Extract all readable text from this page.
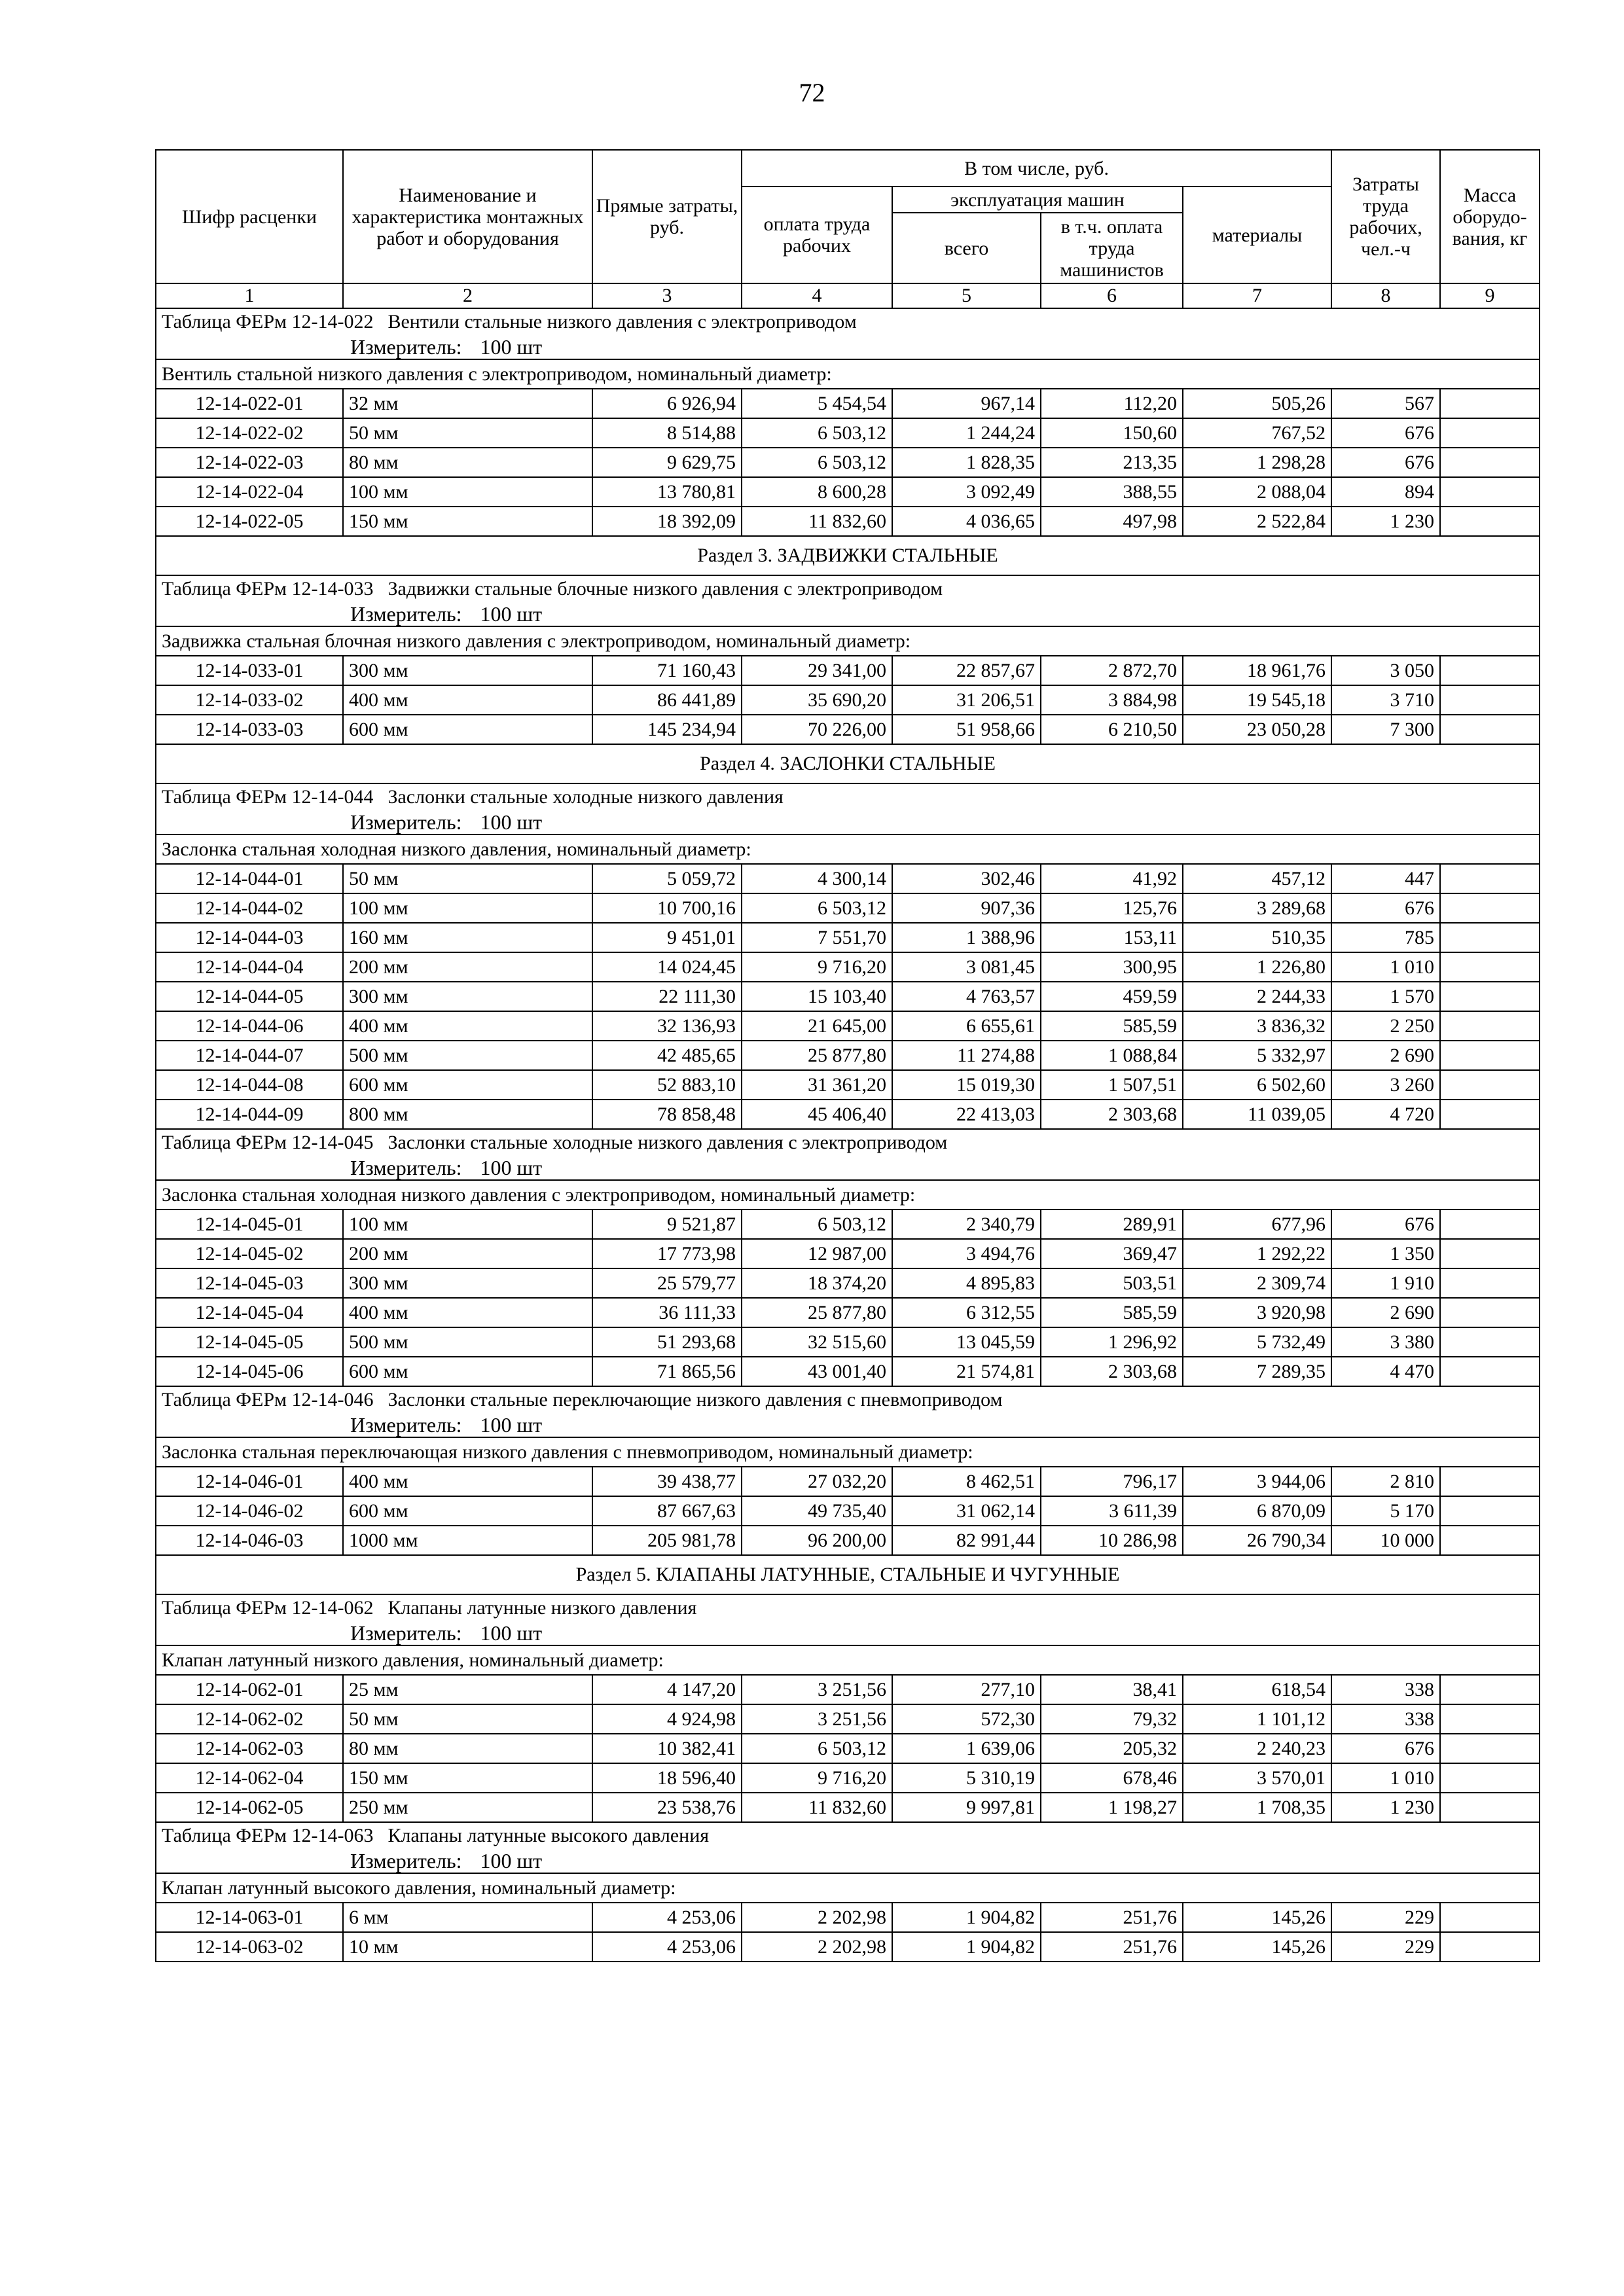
72
Шифр расценки	Наименование и характеристика монтажных работ и оборудования	Прямые затраты, руб.	В том числе, руб.				Затраты труда рабочих, чел.-ч	Масса оборудо-вания, кг
			оплата труда рабочих	эксплуатация машин		материалы		
				всего	в т.ч. оплата труда машинистов			
1	2	3	4	5	6	7	8	9

Таблица ФЕРм 12-14-022 Вентили стальные низкого давления с электроприводом
Измеритель: 100 шт								

Вентиль стальной низкого давления с электроприводом, номинальный диаметр:								
12-14-022-01	32 мм	6 926,94	5 454,54	967,14	112,20	505,26	567	
12-14-022-02	50 мм	8 514,88	6 503,12	1 244,24	150,60	767,52	676	
12-14-022-03	80 мм	9 629,75	6 503,12	1 828,35	213,35	1 298,28	676	
12-14-022-04	100 мм	13 780,81	8 600,28	3 092,49	388,55	2 088,04	894	
12-14-022-05	150 мм	18 392,09	11 832,60	4 036,65	497,98	2 522,84	1 230	
Раздел 3. ЗАДВИЖКИ СТАЛЬНЫЕ								

Таблица ФЕРм 12-14-033 Задвижки стальные блочные низкого давления с электроприводом
Измеритель: 100 шт								

Задвижка стальная блочная низкого давления с электроприводом, номинальный диаметр:								
12-14-033-01	300 мм	71 160,43	29 341,00	22 857,67	2 872,70	18 961,76	3 050	
12-14-033-02	400 мм	86 441,89	35 690,20	31 206,51	3 884,98	19 545,18	3 710	
12-14-033-03	600 мм	145 234,94	70 226,00	51 958,66	6 210,50	23 050,28	7 300	
Раздел 4. ЗАСЛОНКИ СТАЛЬНЫЕ								

Таблица ФЕРм 12-14-044 Заслонки стальные холодные низкого давления
Измеритель: 100 шт								

Заслонка стальная холодная низкого давления, номинальный диаметр:								
12-14-044-01	50 мм	5 059,72	4 300,14	302,46	41,92	457,12	447	
12-14-044-02	100 мм	10 700,16	6 503,12	907,36	125,76	3 289,68	676	
12-14-044-03	160 мм	9 451,01	7 551,70	1 388,96	153,11	510,35	785	
12-14-044-04	200 мм	14 024,45	9 716,20	3 081,45	300,95	1 226,80	1 010	
12-14-044-05	300 мм	22 111,30	15 103,40	4 763,57	459,59	2 244,33	1 570	
12-14-044-06	400 мм	32 136,93	21 645,00	6 655,61	585,59	3 836,32	2 250	
12-14-044-07	500 мм	42 485,65	25 877,80	11 274,88	1 088,84	5 332,97	2 690	
12-14-044-08	600 мм	52 883,10	31 361,20	15 019,30	1 507,51	6 502,60	3 260	
12-14-044-09	800 мм	78 858,48	45 406,40	22 413,03	2 303,68	11 039,05	4 720	

Таблица ФЕРм 12-14-045 Заслонки стальные холодные низкого давления с электроприводом
Измеритель: 100 шт								

Заслонка стальная холодная низкого давления с электроприводом, номинальный диаметр:								
12-14-045-01	100 мм	9 521,87	6 503,12	2 340,79	289,91	677,96	676	
12-14-045-02	200 мм	17 773,98	12 987,00	3 494,76	369,47	1 292,22	1 350	
12-14-045-03	300 мм	25 579,77	18 374,20	4 895,83	503,51	2 309,74	1 910	
12-14-045-04	400 мм	36 111,33	25 877,80	6 312,55	585,59	3 920,98	2 690	
12-14-045-05	500 мм	51 293,68	32 515,60	13 045,59	1 296,92	5 732,49	3 380	
12-14-045-06	600 мм	71 865,56	43 001,40	21 574,81	2 303,68	7 289,35	4 470	

Таблица ФЕРм 12-14-046 Заслонки стальные переключающие низкого давления с пневмоприводом
Измеритель: 100 шт								

Заслонка стальная переключающая низкого давления с пневмоприводом, номинальный диаметр:								
12-14-046-01	400 мм	39 438,77	27 032,20	8 462,51	796,17	3 944,06	2 810	
12-14-046-02	600 мм	87 667,63	49 735,40	31 062,14	3 611,39	6 870,09	5 170	
12-14-046-03	1000 мм	205 981,78	96 200,00	82 991,44	10 286,98	26 790,34	10 000	
Раздел 5. КЛАПАНЫ ЛАТУННЫЕ, СТАЛЬНЫЕ И ЧУГУННЫЕ								

Таблица ФЕРм 12-14-062 Клапаны латунные низкого давления
Измеритель: 100 шт								

Клапан латунный низкого давления, номинальный диаметр:								
12-14-062-01	25 мм	4 147,20	3 251,56	277,10	38,41	618,54	338	
12-14-062-02	50 мм	4 924,98	3 251,56	572,30	79,32	1 101,12	338	
12-14-062-03	80 мм	10 382,41	6 503,12	1 639,06	205,32	2 240,23	676	
12-14-062-04	150 мм	18 596,40	9 716,20	5 310,19	678,46	3 570,01	1 010	
12-14-062-05	250 мм	23 538,76	11 832,60	9 997,81	1 198,27	1 708,35	1 230	

Таблица ФЕРм 12-14-063 Клапаны латунные высокого давления
Измеритель: 100 шт								

Клапан латунный высокого давления, номинальный диаметр:								
12-14-063-01	6 мм	4 253,06	2 202,98	1 904,82	251,76	145,26	229	
12-14-063-02	10 мм	4 253,06	2 202,98	1 904,82	251,76	145,26	229	
